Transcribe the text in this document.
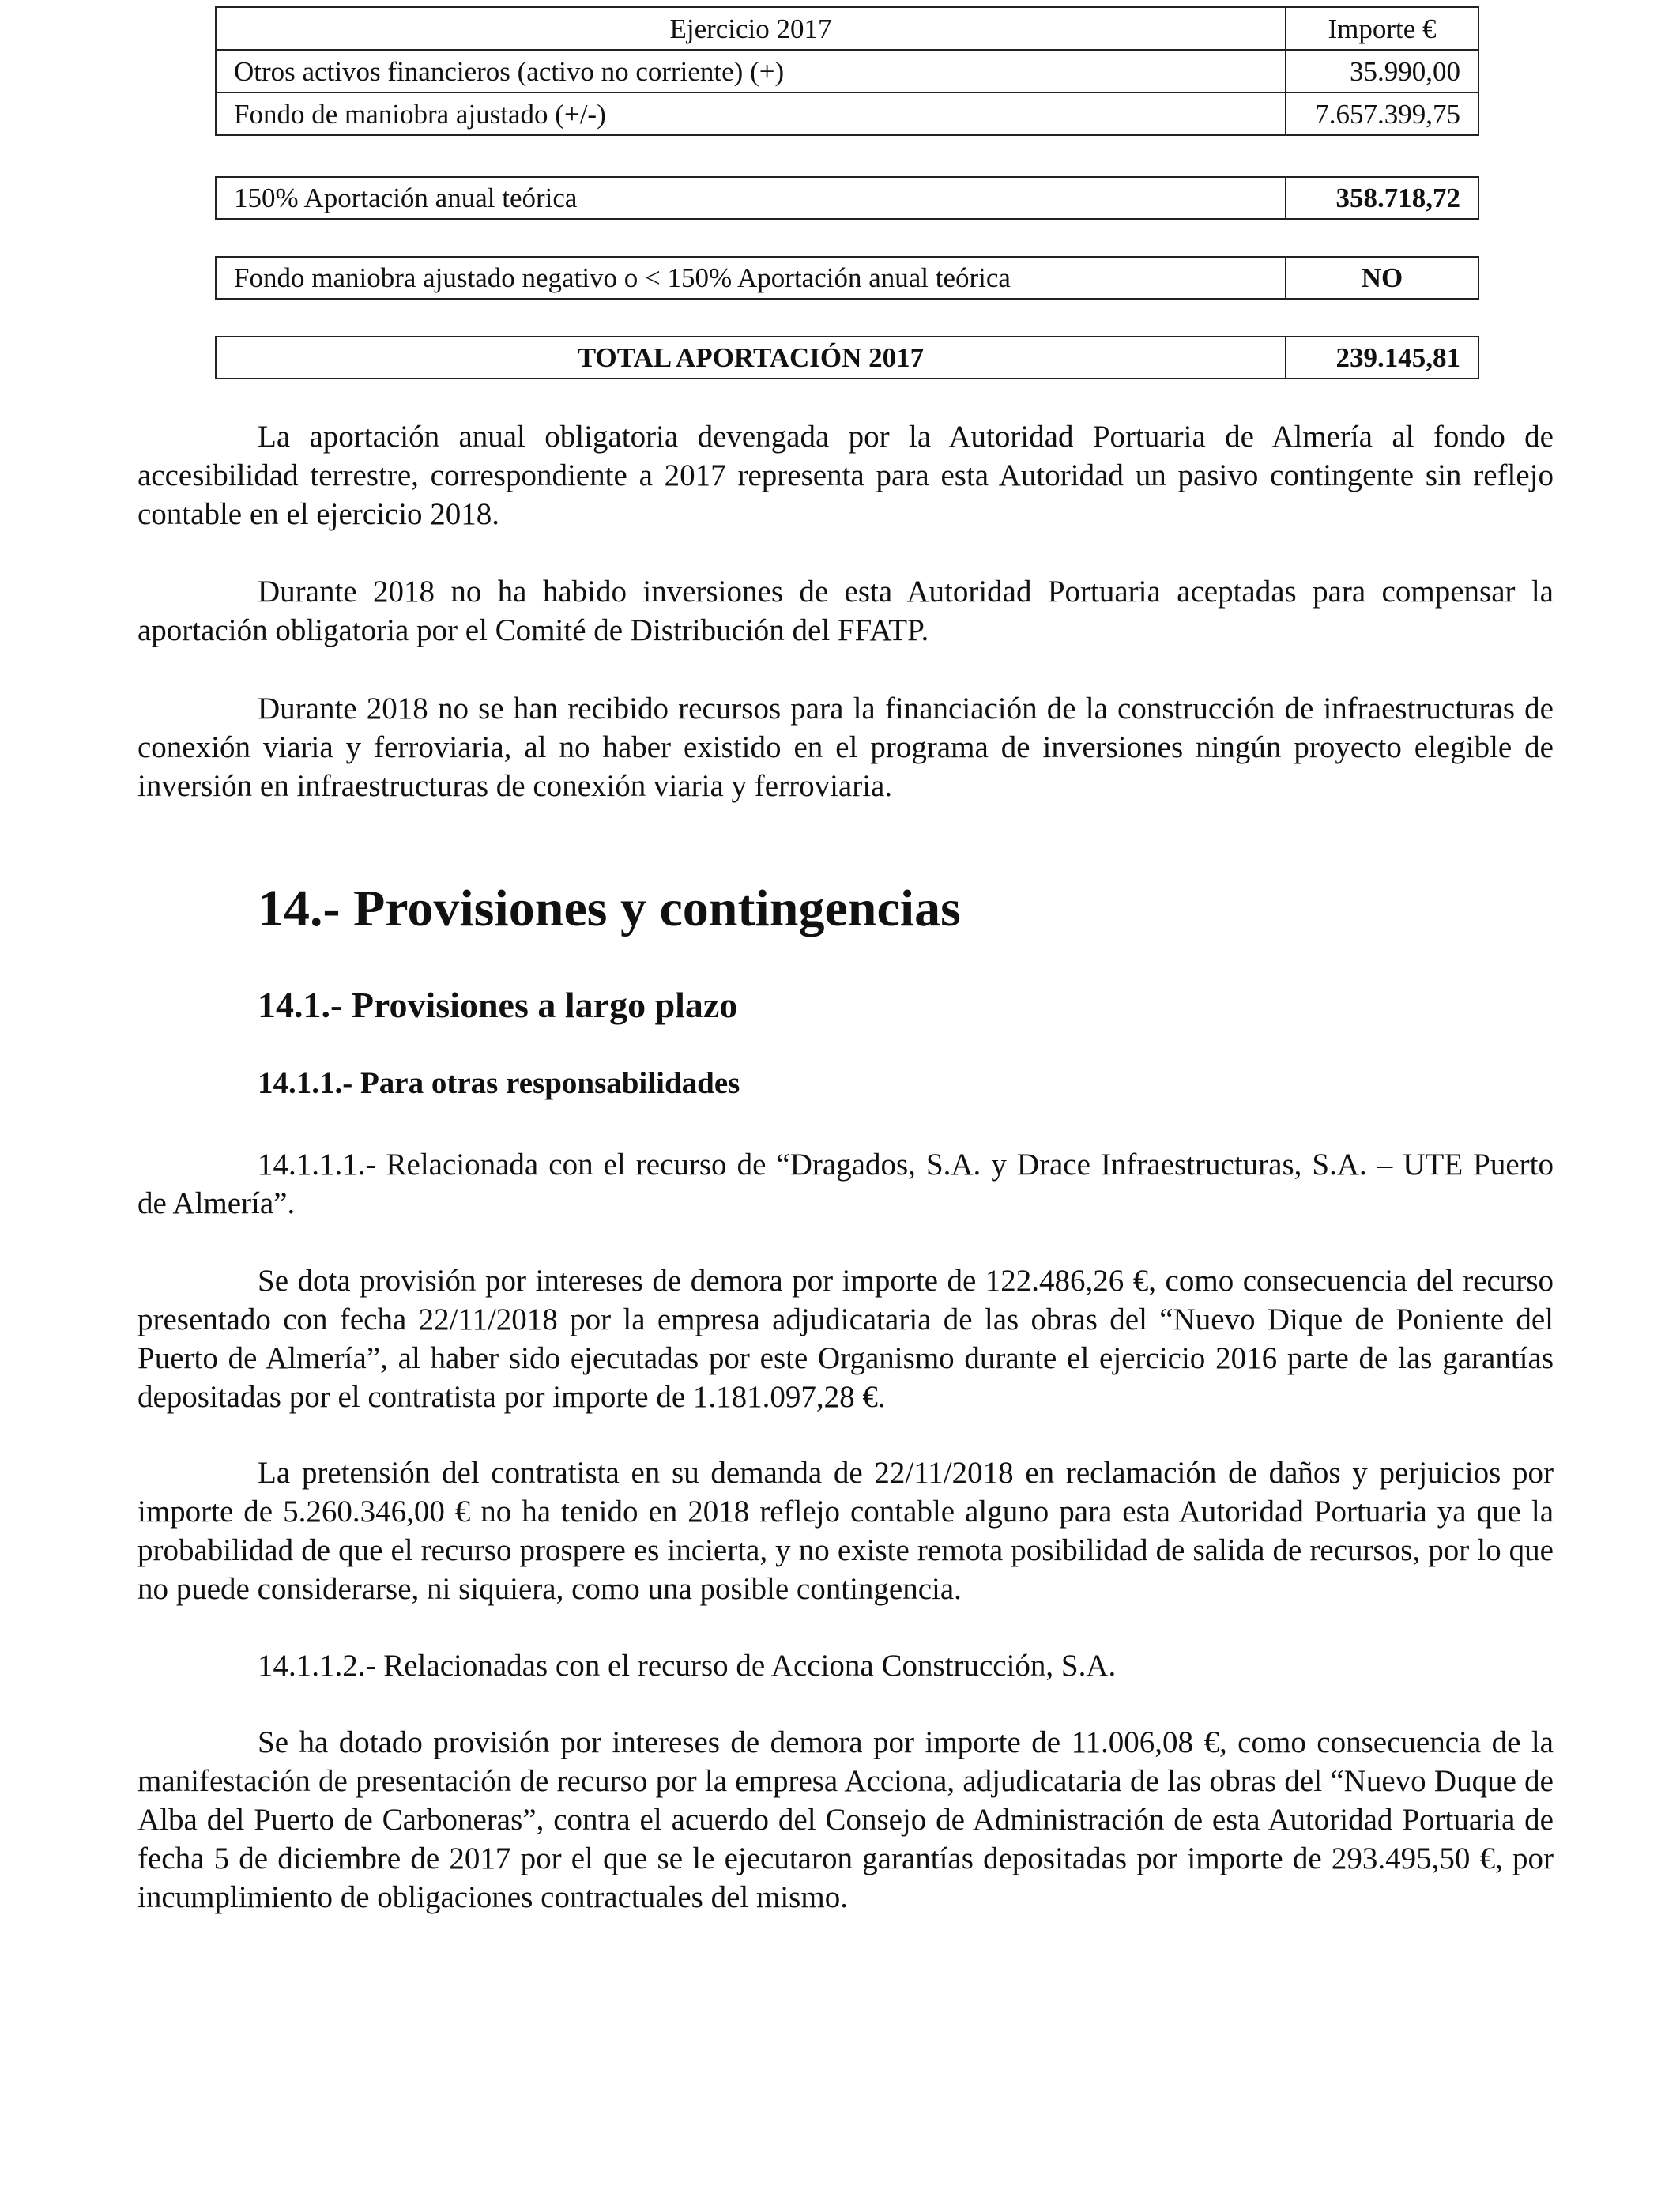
Ejercicio 2017	Importe €
Otros activos financieros (activo no corriente) (+)	35.990,00
Fondo de maniobra ajustado (+/-)	7.657.399,75
150% Aportación anual teórica	358.718,72
Fondo maniobra ajustado negativo o < 150% Aportación anual teórica	NO
TOTAL APORTACIÓN 2017	239.145,81

La aportación anual obligatoria devengada por la Autoridad Portuaria de Almería al fondo de accesibilidad terrestre, correspondiente a 2017 representa para esta Autoridad un pasivo contingente sin reflejo contable en el ejercicio 2018.

Durante 2018 no ha habido inversiones de esta Autoridad Portuaria aceptadas para compensar la aportación obligatoria por el Comité de Distribución del FFATP.

Durante 2018 no se han recibido recursos para la financiación de la construcción de infraestructuras de conexión viaria y ferroviaria, al no haber existido en el programa de inversiones ningún proyecto elegible de inversión en infraestructuras de conexión viaria y ferroviaria.

14.- Provisiones y contingencias
14.1.- Provisiones a largo plazo
14.1.1.- Para otras responsabilidades

14.1.1.1.- Relacionada con el recurso de “Dragados, S.A. y Drace Infraestructuras, S.A. – UTE Puerto de Almería”.

Se dota provisión por intereses de demora por importe de 122.486,26 €, como consecuencia del recurso presentado con fecha 22/11/2018 por la empresa adjudicataria de las obras del “Nuevo Dique de Poniente del Puerto de Almería”, al haber sido ejecutadas por este Organismo durante el ejercicio 2016 parte de las garantías depositadas por el contratista por importe de 1.181.097,28 €.

La pretensión del contratista en su demanda de 22/11/2018 en reclamación de daños y perjuicios por importe de 5.260.346,00 € no ha tenido en 2018 reflejo contable alguno para esta Autoridad Portuaria ya que la probabilidad de que el recurso prospere es incierta, y no existe remota posibilidad de salida de recursos, por lo que no puede considerarse, ni siquiera, como una posible contingencia.

14.1.1.2.- Relacionadas con el recurso de Acciona Construcción, S.A.

Se ha dotado provisión por intereses de demora por importe de 11.006,08 €, como consecuencia de la manifestación de presentación de recurso por la empresa Acciona, adjudicataria de las obras del “Nuevo Duque de Alba del Puerto de Carboneras”, contra el acuerdo del Consejo de Administración de esta Autoridad Portuaria de fecha 5 de diciembre de 2017 por el que se le ejecutaron garantías depositadas por importe de 293.495,50 €, por incumplimiento de obligaciones contractuales del mismo.
